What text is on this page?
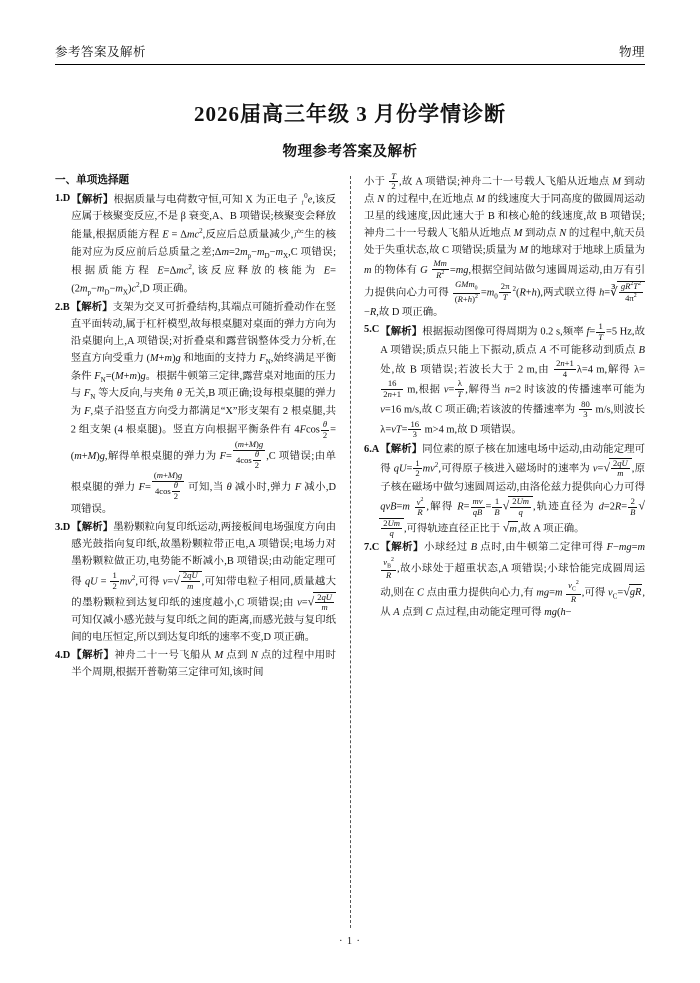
参考答案及解析	物理
2026届高三年级 3 月份学情诊断
物理参考答案及解析
一、单项选择题
1.D 【解析】根据质量与电荷数守恒,可知 X 为正电子 ₁$^0$e,该反应属于核聚变反应,不是 β 衰变,A、B 项错误;核聚变会释放能量,根据质能方程 E = Δmc$^2$,反应后总质量减少,产生的核能对应为反应前后总质量之差$;\Delta m=2m_p-m_D-m_X,C$ 项错误;根据质能方程 E=Δmc$^2$,该反应释放的核能为 $E=(2m_p-m_D-m_X)c^2,D$ 项正确。
2.B 【解析】支架为交叉可折叠结构,其端点可随折叠动作在竖直平面转动,属于杠杆模型,故每根桌腿对桌面的弹力方向为沿桌腿向上,A 项错误;对折叠桌和露营锅整体受力分析,在竖直方向受重力 (M+m)g 和地面的支持力 $F_N$,始终满足平衡条件 $F_N=(M+m)g$。根据牛顿第三定律,露营桌对地面的压力与 $F_N$ 等大反向,与夹角 θ 无关,B 项正确;设每根桌腿的弹力为 F,桌子沿竖直方向受力都满足“X”形支架有 2 根桌腿,共 2 组支架 (4 根桌腿)。竖直方向根据平衡条件有 $4Fcos \frac{\theta}{2} =(m+M)g$,解得单根桌腿的弹力为 $F= \frac{(m+M)g}{4\cos \frac{\theta}{2}} ,C$ 项错误;由单根桌腿的弹力 $F= \frac{(m+M)g}{4\cos \frac{\theta}{2}}$ 可知,当 θ 减小时,弹力 F 减小,D 项错误。
3.D 【解析】墨粉颗粒向复印纸运动,两接板间电场强度方向由感光鼓指向复印纸,故墨粉颗粒带正电,A 项错误;电场力对墨粉颗粒做正功,电势能不断减小,B 项错误;由动能定理可得 qU = $\frac{1}{2} mv^2$,可得 $v=√ \frac{2qU}{m}$ ,可知带电粒子相同,质量越大的墨粉颗粒到达复印纸的速度越小,C 项错误;由 $v=√ \frac{2qU}{m}$
可知仅减小感光鼓与复印纸之间的距离,而感光鼓与复印纸间的电压恒定,所以到达复印纸的速率不变,D 项正确。
4.D 【解析】神舟二十一号飞船从 M 点到 N 点的过程中用时半个周期,根据开普勒第三定律可知,该时间
小于 $\frac{T}{2}$ ,故 A 项错误;神舟二十一号载人飞船从近地点 M 到动点 N 的过程中,在近地点 M 的线速度大于同高度的做圆周运动卫星的线速度,因此速大于 B 和核心舱的线速度,故 B 项错误;神舟二十一号载人飞船从近地点 M 到动点 N 的过程中,航天员处于失重状态,故 C 项错误;质量为 M 的地球对于地球上质量为 m 的物体有 G $\frac{Mm}{R^2} =mg$,根据空间站做匀速圆周运动,由万有引力提供向心力可得 $\frac{GMm_0}{(R+h)^2} =m_0 \frac{2\pi}{T} ^2(R+h)$,两式联立得 h=∛ $\frac{gR^2T^2}{4\pi^2}$
−R,故 D 项正确。
5.C 【解析】根据振动图像可得周期为 0.2 s,频率 $f= \frac{1}{T} =5$ Hz,故 A 项错误;质点只能上下振动,质点 A 不可能移动到质点 B 处,故 B 项错误;若波长大于 2 m,由 $\frac{2n+1}{4} \lambda=4$ m,解得 λ=
$\frac{16}{2n+1} m$,根据 $v= \frac{\lambda}{T}$ ,解得当 n=2 时该波的传播速率可能为 v=16 m/s,故 C 项正确;若该波的传播速率为 $\frac{80}{3} m/s$,则波长 $\lambda=vT= \frac{16}{3} m>4$ m,故 D 项错误。
6.A 【解析】同位素的原子核在加速电场中运动,由动能定理可得 $qU= \frac{1}{2} mv^2$,可得原子核进入磁场时的速率为 $v=√ \frac{2qU}{m}$ ,原子核在磁场中做匀速圆周运动,由洛伦兹力提供向心力可得 $qvB=m \frac{v^2}{R}$ ,解得 $R= \frac{mv}{qB} = \frac{1}{B}$ √ $\frac{2Um}{q}$ ,轨迹直径为 $d=2R= \frac{2}{B}$ √
$\frac{2Um}{q}$ ,可得轨迹直径正比于 √m,故 A 项正确。
7.C 【解析】小球经过 B 点时,由牛顿第二定律可得 F−mg=m
$\frac{v_B^2}{R}$ ,故小球处于超重状态,A 项错误;小球恰能完成圆周运动,则在 C 点由重力提供向心力,有 $mg=m \frac{v_C^2}{R}$ ,可得 $v_C=√gR$,从 A 点到 C 点过程,由动能定理可得 mg(h−
· 1 ·
